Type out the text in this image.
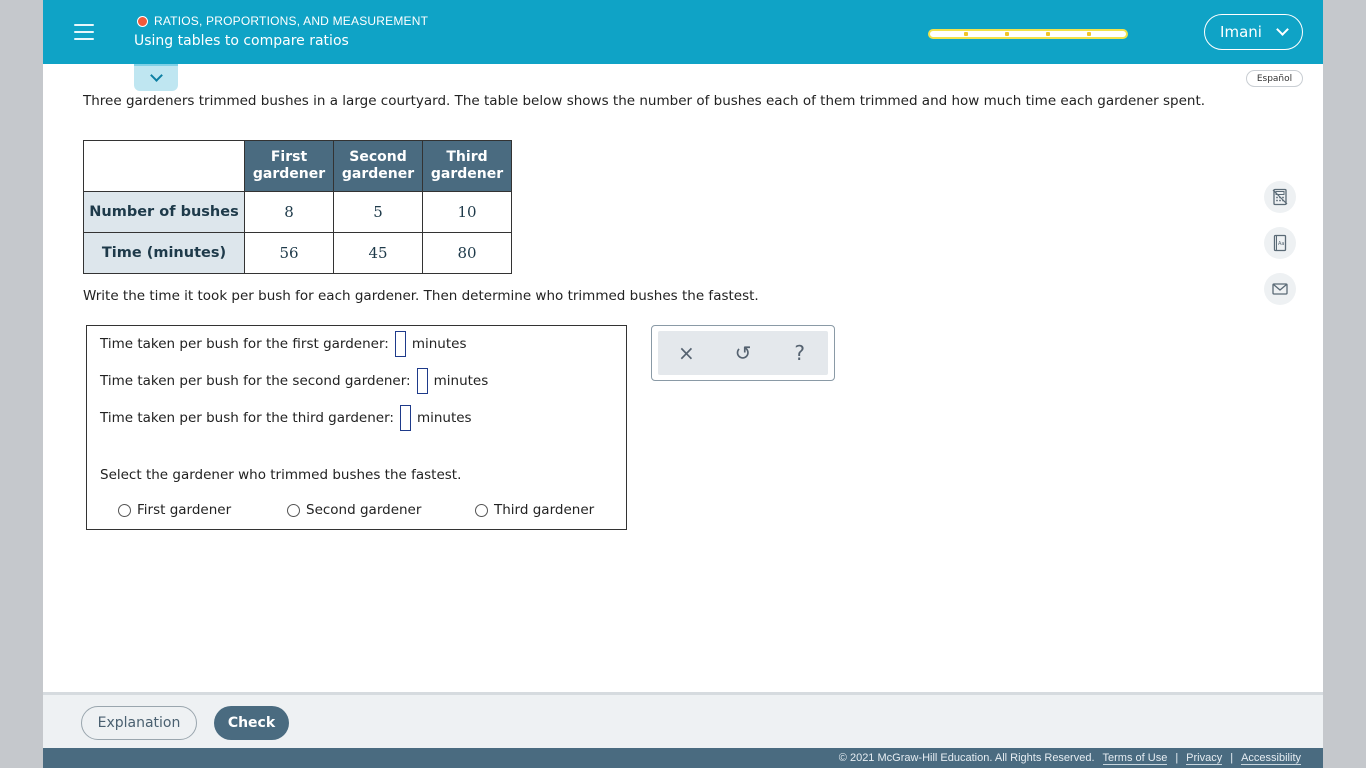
RATIOS, PROPORTIONS, AND MEASUREMENT
Using tables to compare ratios	Imani
Español
Three gardeners trimmed bushes in a large courtyard. The table below shows the number of bushes each of them trimmed and how much time each gardener spent.
	First gardener	Second gardener	Third gardener
Number of bushes	8	5	10
Time (minutes)	56	45	80
Write the time it took per bush for each gardener. Then determine who trimmed bushes the fastest.
Time taken per bush for the first gardener: minutes
Time taken per bush for the second gardener: minutes
Time taken per bush for the third gardener: minutes
Select the gardener who trimmed bushes the fastest.
First gardener	Second gardener	Third gardener
×	↺	?
Aa
Explanation	Check
© 2021 McGraw-Hill Education. All Rights Reserved. Terms of Use | Privacy | Accessibility
